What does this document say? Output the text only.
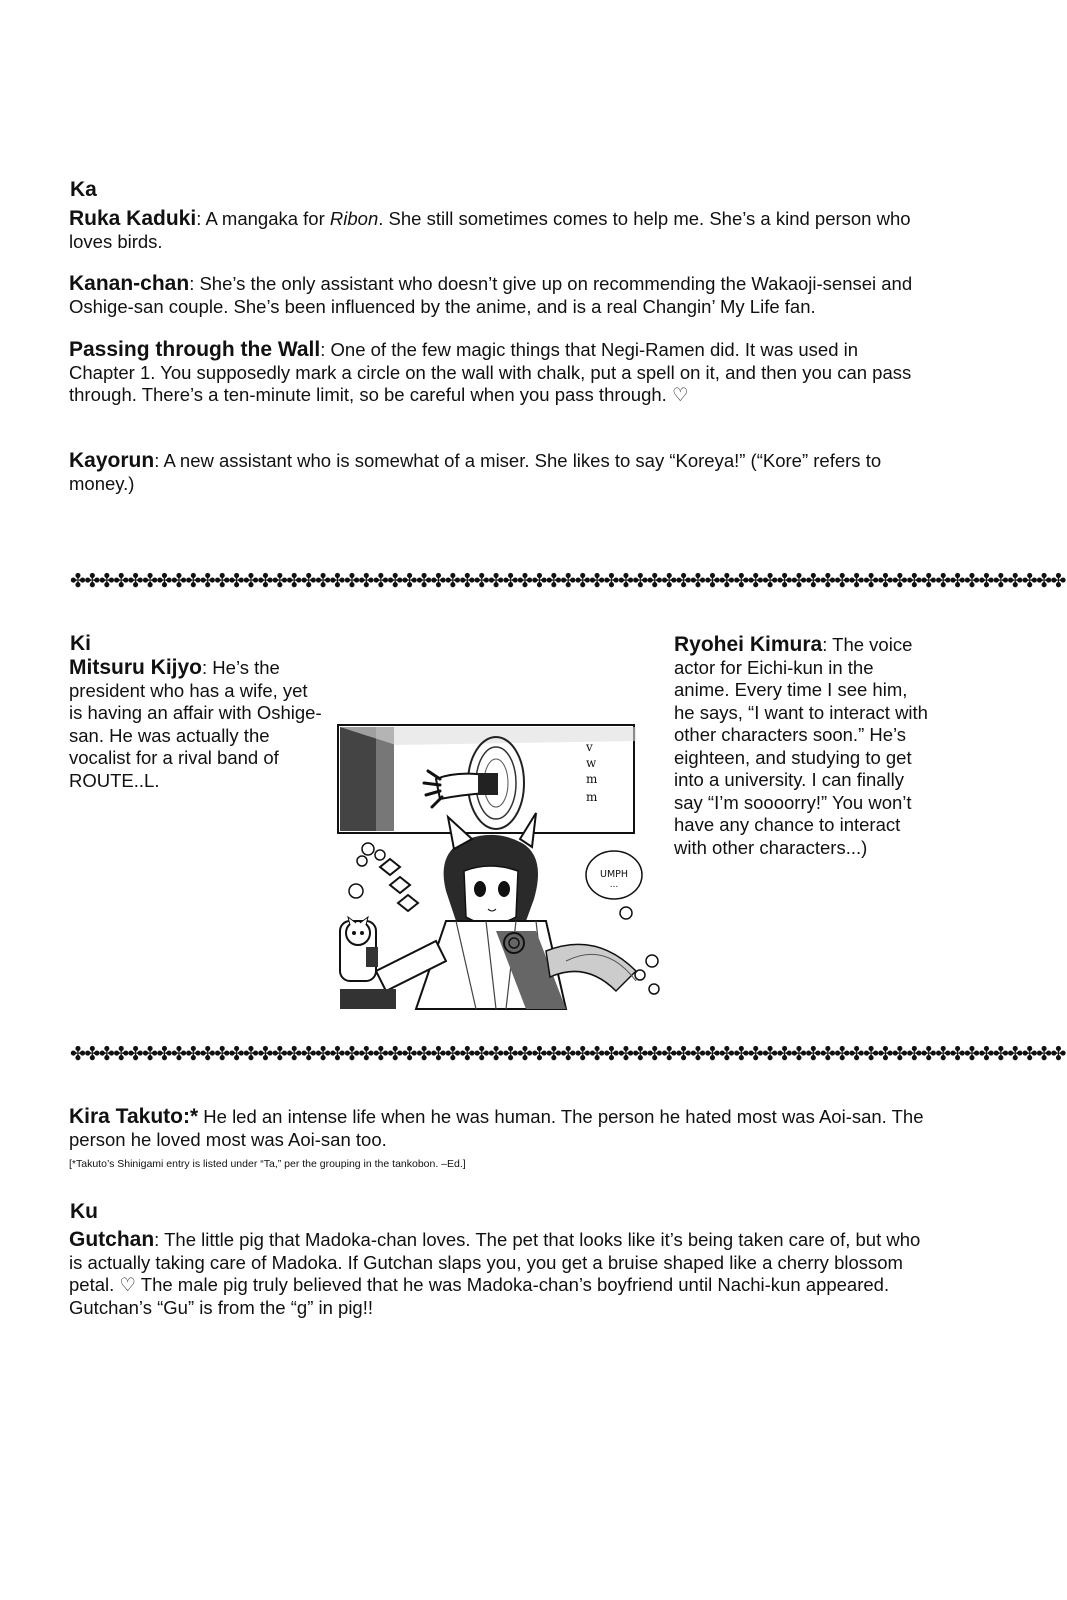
Ka
Ruka Kaduki: A mangaka for Ribon. She still sometimes comes to help me. She’s a kind person who loves birds.
Kanan-chan: She’s the only assistant who doesn’t give up on recommending the Wakaoji-sensei and Oshige-san couple. She’s been influenced by the anime, and is a real Changin’ My Life fan.
Passing through the Wall: One of the few magic things that Negi-Ramen did. It was used in Chapter 1. You supposedly mark a circle on the wall with chalk, put a spell on it, and then you can pass through. There’s a ten-minute limit, so be careful when you pass through. ♡
Kayorun: A new assistant who is somewhat of a miser. She likes to say “Koreya!” (“Kore” refers to money.)
✤✤✤✤✤✤✤✤✤✤✤✤✤✤✤✤✤✤✤✤✤✤✤✤✤✤✤✤✤✤✤✤✤✤✤✤✤✤✤✤✤✤✤✤✤✤✤✤✤✤✤✤✤✤✤✤✤✤✤✤✤✤✤✤✤✤✤✤✤
Ki
Mitsuru Kijyo: He’s the president who has a wife, yet is having an affair with Oshige-san. He was actually the vocalist for a rival band of ROUTE..L.
Ryohei Kimura: The voice actor for Eichi-kun in the anime. Every time I see him, he says, “I want to interact with other characters soon.” He’s eighteen, and studying to get into a university. I can finally say “I’m soooorry!” You won’t have any chance to interact with other characters...)
v
w
m
m
UMPH
...
✤✤✤✤✤✤✤✤✤✤✤✤✤✤✤✤✤✤✤✤✤✤✤✤✤✤✤✤✤✤✤✤✤✤✤✤✤✤✤✤✤✤✤✤✤✤✤✤✤✤✤✤✤✤✤✤✤✤✤✤✤✤✤✤✤✤✤✤✤
Kira Takuto:* He led an intense life when he was human. The person he hated most was Aoi-san. The person he loved most was Aoi-san too.
[*Takuto’s Shinigami entry is listed under “Ta,” per the grouping in the tankobon. –Ed.]
Ku
Gutchan: The little pig that Madoka-chan loves. The pet that looks like it’s being taken care of, but who is actually taking care of Madoka. If Gutchan slaps you, you get a bruise shaped like a cherry blossom petal. ♡ The male pig truly believed that he was Madoka-chan’s boyfriend until Nachi-kun appeared. Gutchan’s “Gu” is from the “g” in pig!!
